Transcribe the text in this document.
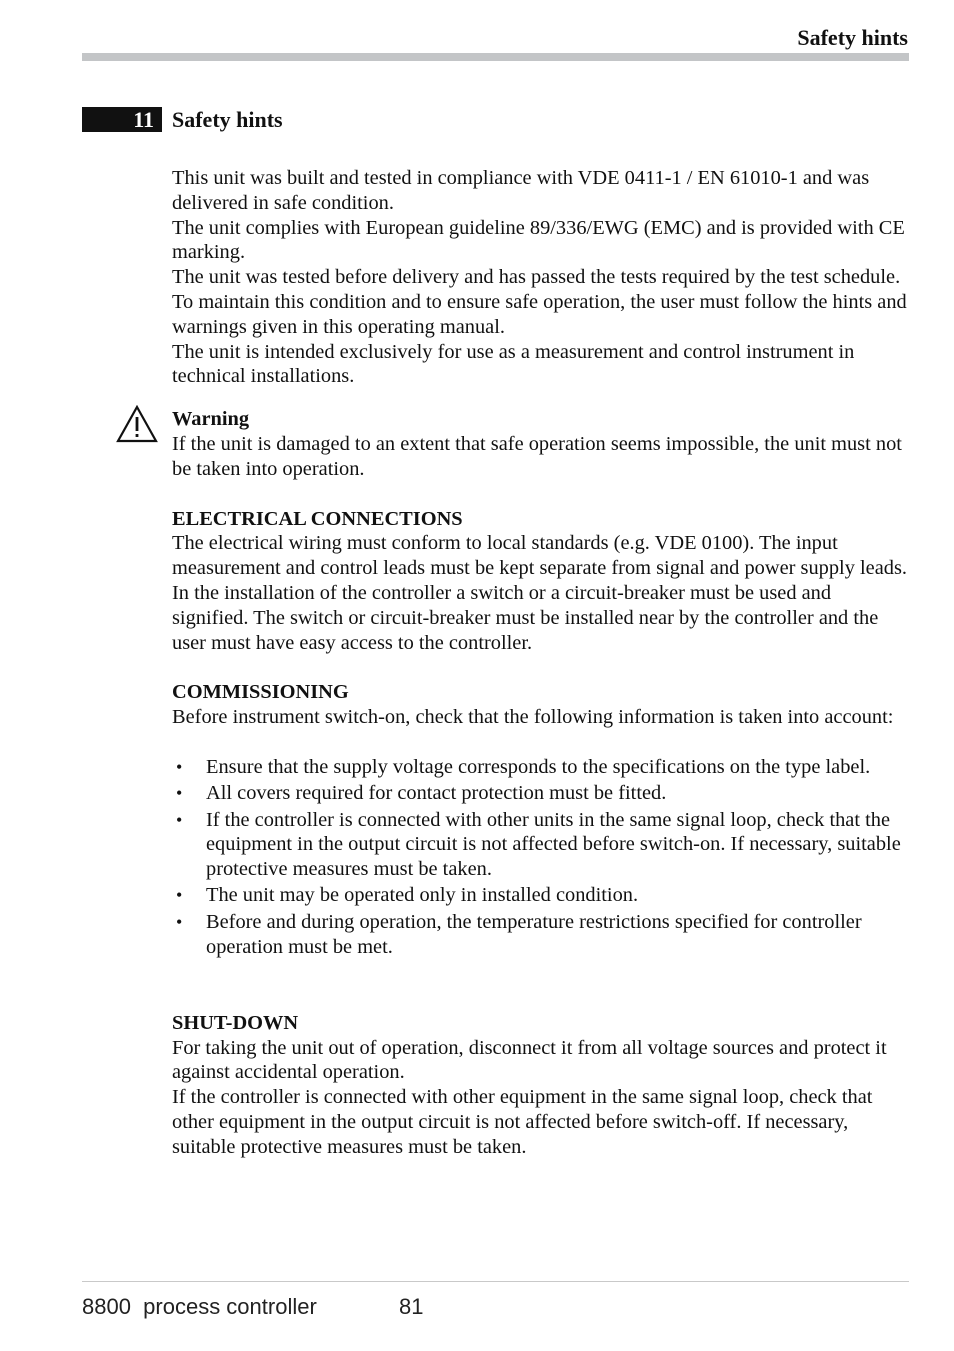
Safety hints
11 Safety hints

This unit was built and tested in compliance with VDE 0411-1 / EN 61010-1 and was delivered in safe condition.

The unit complies with European guideline 89/336/EWG (EMC) and is provided with CE marking.

The unit was tested before delivery and has passed the tests required by the test schedule. To maintain this condition and to ensure safe operation, the user must follow the hints and warnings given in this operating manual.

The unit is intended exclusively for use as a measurement and control instrument in technical installations.

Warning

If the unit is damaged to an extent that safe operation seems impossible, the unit must not be taken into operation.

ELECTRICAL CONNECTIONS

The electrical wiring must conform to local standards (e.g. VDE 0100). The input measurement and control leads must be kept separate from signal and power supply leads.

In the installation of the controller a switch or a circuit-breaker must be used and signified. The switch or circuit-breaker must be installed near by the controller and the user must have easy access to the controller.

COMMISSIONING

Before instrument switch-on, check that the following information is taken into account:

• Ensure that the supply voltage corresponds to the specifications on the type label.
• All covers required for contact protection must be fitted.
• If the controller is connected with other units in the same signal loop, check that the equipment in the output circuit is not affected before switch-on. If necessary, suitable protective measures must be taken.
• The unit may be operated only in installed condition.
• Before and during operation, the temperature restrictions specified for controller operation must be met.

SHUT-DOWN

For taking the unit out of operation, disconnect it from all voltage sources and protect it against accidental operation.

If the controller is connected with other equipment in the same signal loop, check that other equipment in the output circuit is not affected before switch-off. If necessary, suitable protective measures must be taken.

8800  process controller	81
